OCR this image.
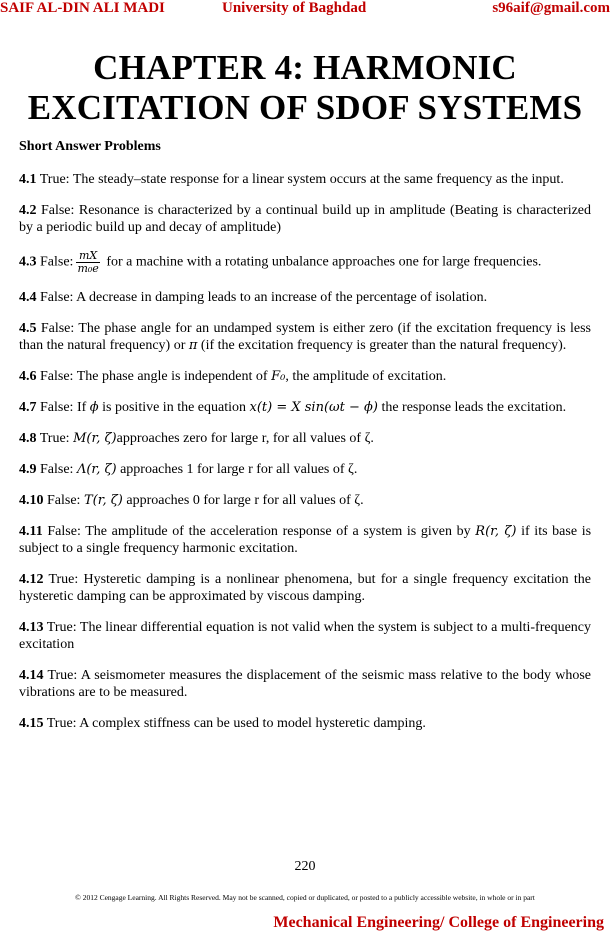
SAIF AL-DIN ALI MADI	University of Baghdad	s96aif@gmail.com
CHAPTER 4: HARMONIC
EXCITATION OF SDOF SYSTEMS
Short Answer Problems

4.1 True: The steady–state response for a linear system occurs at the same frequency as the input.

4.2 False: Resonance is characterized by a continual build up in amplitude (Beating is characterized by a periodic build up and decay of amplitude)

4.3 False: $\frac{mX}{\text{m₀e}}$ for a machine with a rotating unbalance approaches one for large frequencies.

4.4 False: A decrease in damping leads to an increase of the percentage of isolation.

4.5 False: The phase angle for an undamped system is either zero (if the excitation frequency is less than the natural frequency) or π (if the excitation frequency is greater than the natural frequency).

4.6 False: The phase angle is independent of F₀, the amplitude of excitation.

4.7 False: If ϕ is positive in the equation x(t) = X sin(ωt − ϕ) the response leads the excitation.

4.8 True: M(r, ζ)approaches zero for large r, for all values of ζ.

4.9 False: Λ(r, ζ) approaches 1 for large r for all values of ζ.

4.10 False: T(r, ζ) approaches 0 for large r for all values of ζ.

4.11 False: The amplitude of the acceleration response of a system is given by R(r, ζ) if its base is subject to a single frequency harmonic excitation.

4.12 True: Hysteretic damping is a nonlinear phenomena, but for a single frequency excitation the hysteretic damping can be approximated by viscous damping.

4.13 True: The linear differential equation is not valid when the system is subject to a multi-frequency excitation

4.14 True: A seismometer measures the displacement of the seismic mass relative to the body whose vibrations are to be measured.

4.15 True: A complex stiffness can be used to model hysteretic damping.

220
© 2012 Cengage Learning. All Rights Reserved. May not be scanned, copied or duplicated, or posted to a publicly accessible website, in whole or in part
Mechanical Engineering/ College of Engineering
